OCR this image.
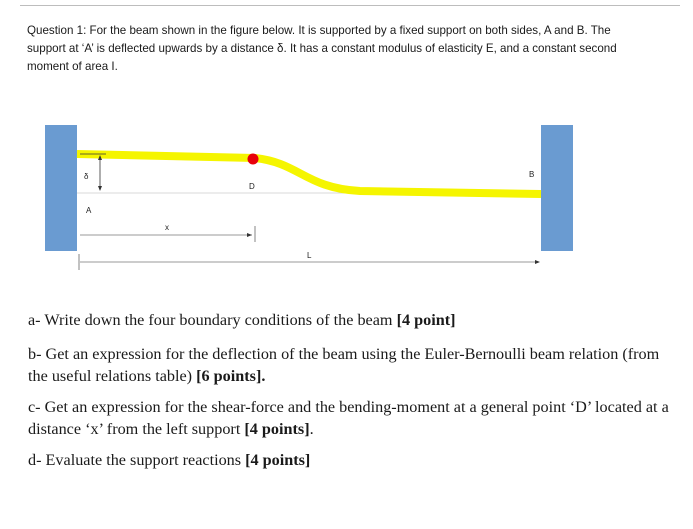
Question 1: For the beam shown in the figure below. It is supported by a fixed support on both sides, A and B. The
support at ‘A’ is deflected upwards by a distance δ. It has a constant modulus of elasticity E, and a constant second

moment of area I.
D
δ
A
B
x
L

a- Write down the four boundary conditions of the beam [4 point]

b- Get an expression for the deflection of the beam using the Euler-Bernoulli beam relation (from the useful relations table) [6 points].

c- Get an expression for the shear-force and the bending-moment at a general point ‘D’ located at a distance ‘x’ from the left support [4 points].

d- Evaluate the support reactions [4 points]
